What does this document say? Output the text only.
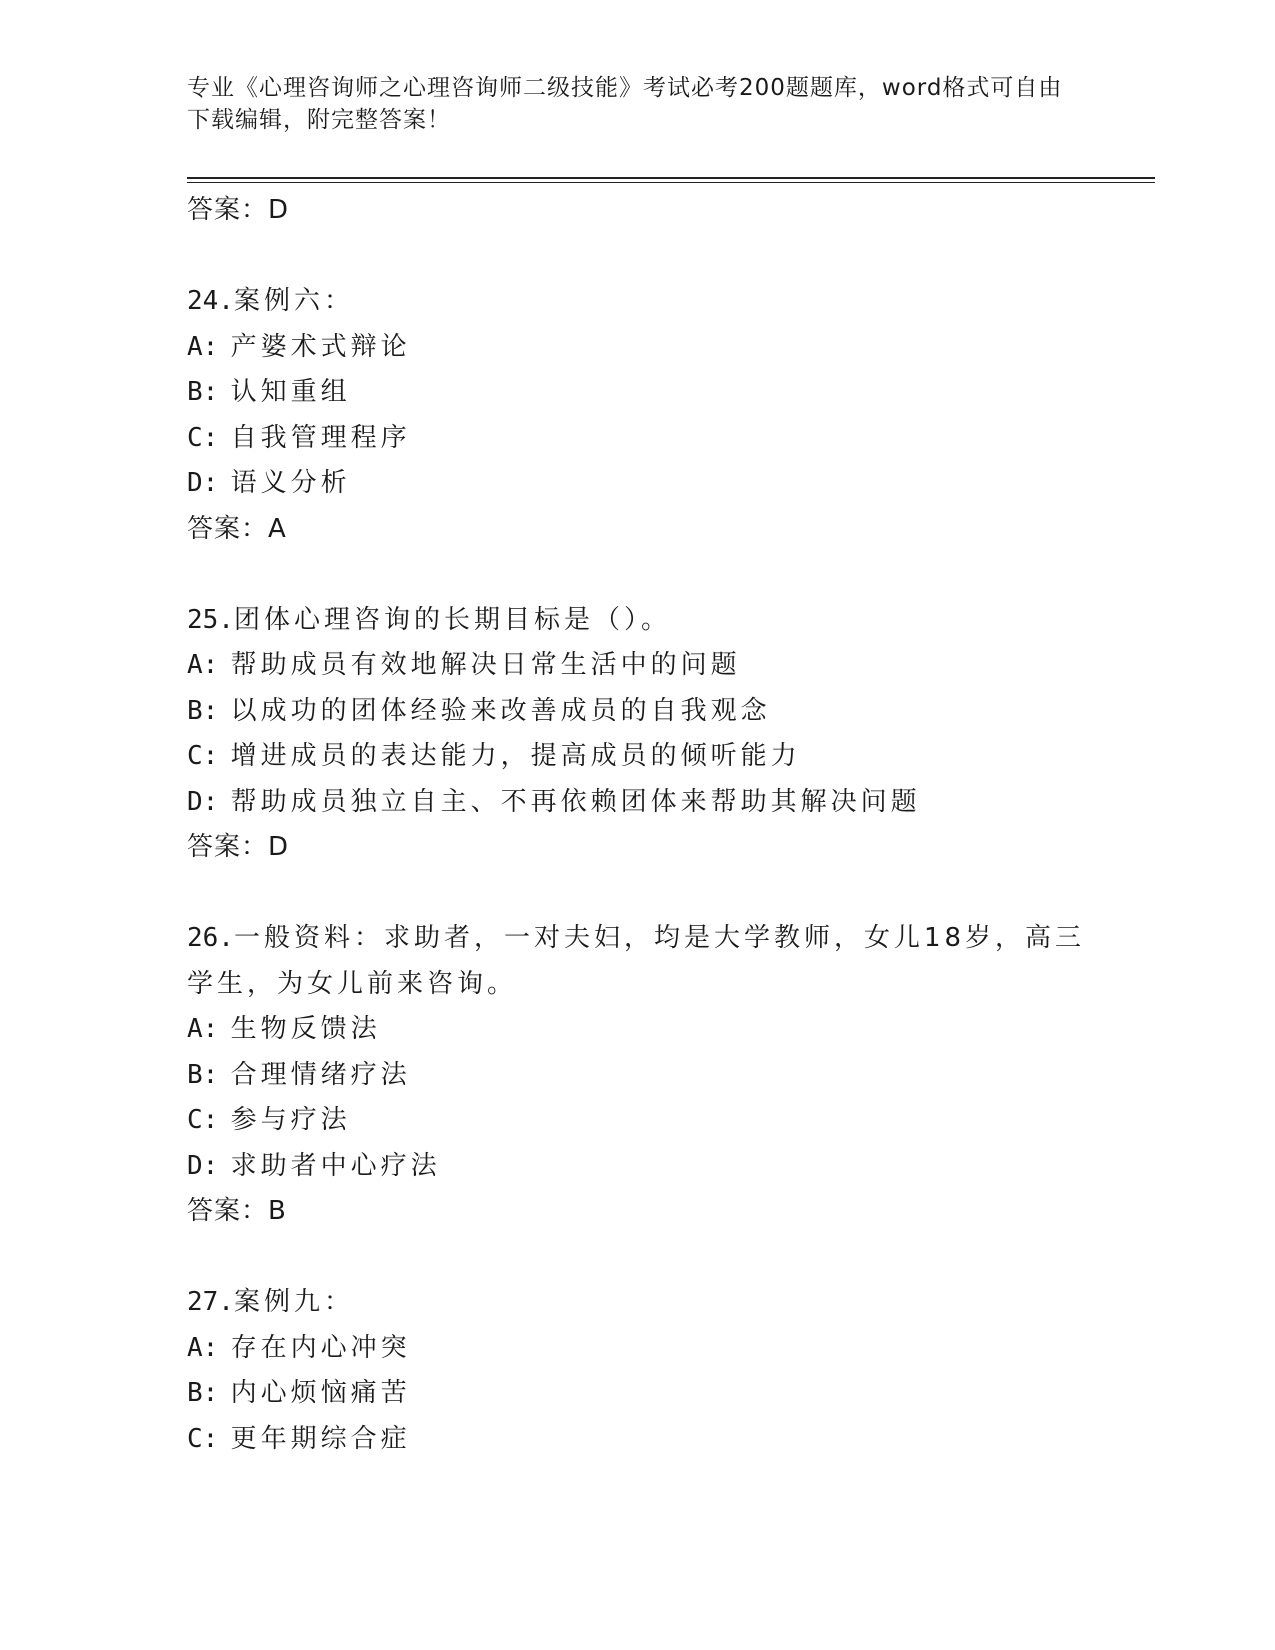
专业《心理咨询师之心理咨询师二级技能》考试必考200题题库，word格式可自由下载编辑，附完整答案！
答案：D
24.案例六：
A: 产婆术式辩论
B: 认知重组
C: 自我管理程序
D: 语义分析
答案：A
25.团体心理咨询的长期目标是（）。
A: 帮助成员有效地解决日常生活中的问题
B: 以成功的团体经验来改善成员的自我观念
C: 增进成员的表达能力，提高成员的倾听能力
D: 帮助成员独立自主、不再依赖团体来帮助其解决问题
答案：D
26.一般资料：求助者，一对夫妇，均是大学教师，女儿18岁，高三学生，为女儿前来咨询。
A: 生物反馈法
B: 合理情绪疗法
C: 参与疗法
D: 求助者中心疗法
答案：B
27.案例九：
A: 存在内心冲突
B: 内心烦恼痛苦
C: 更年期综合症
